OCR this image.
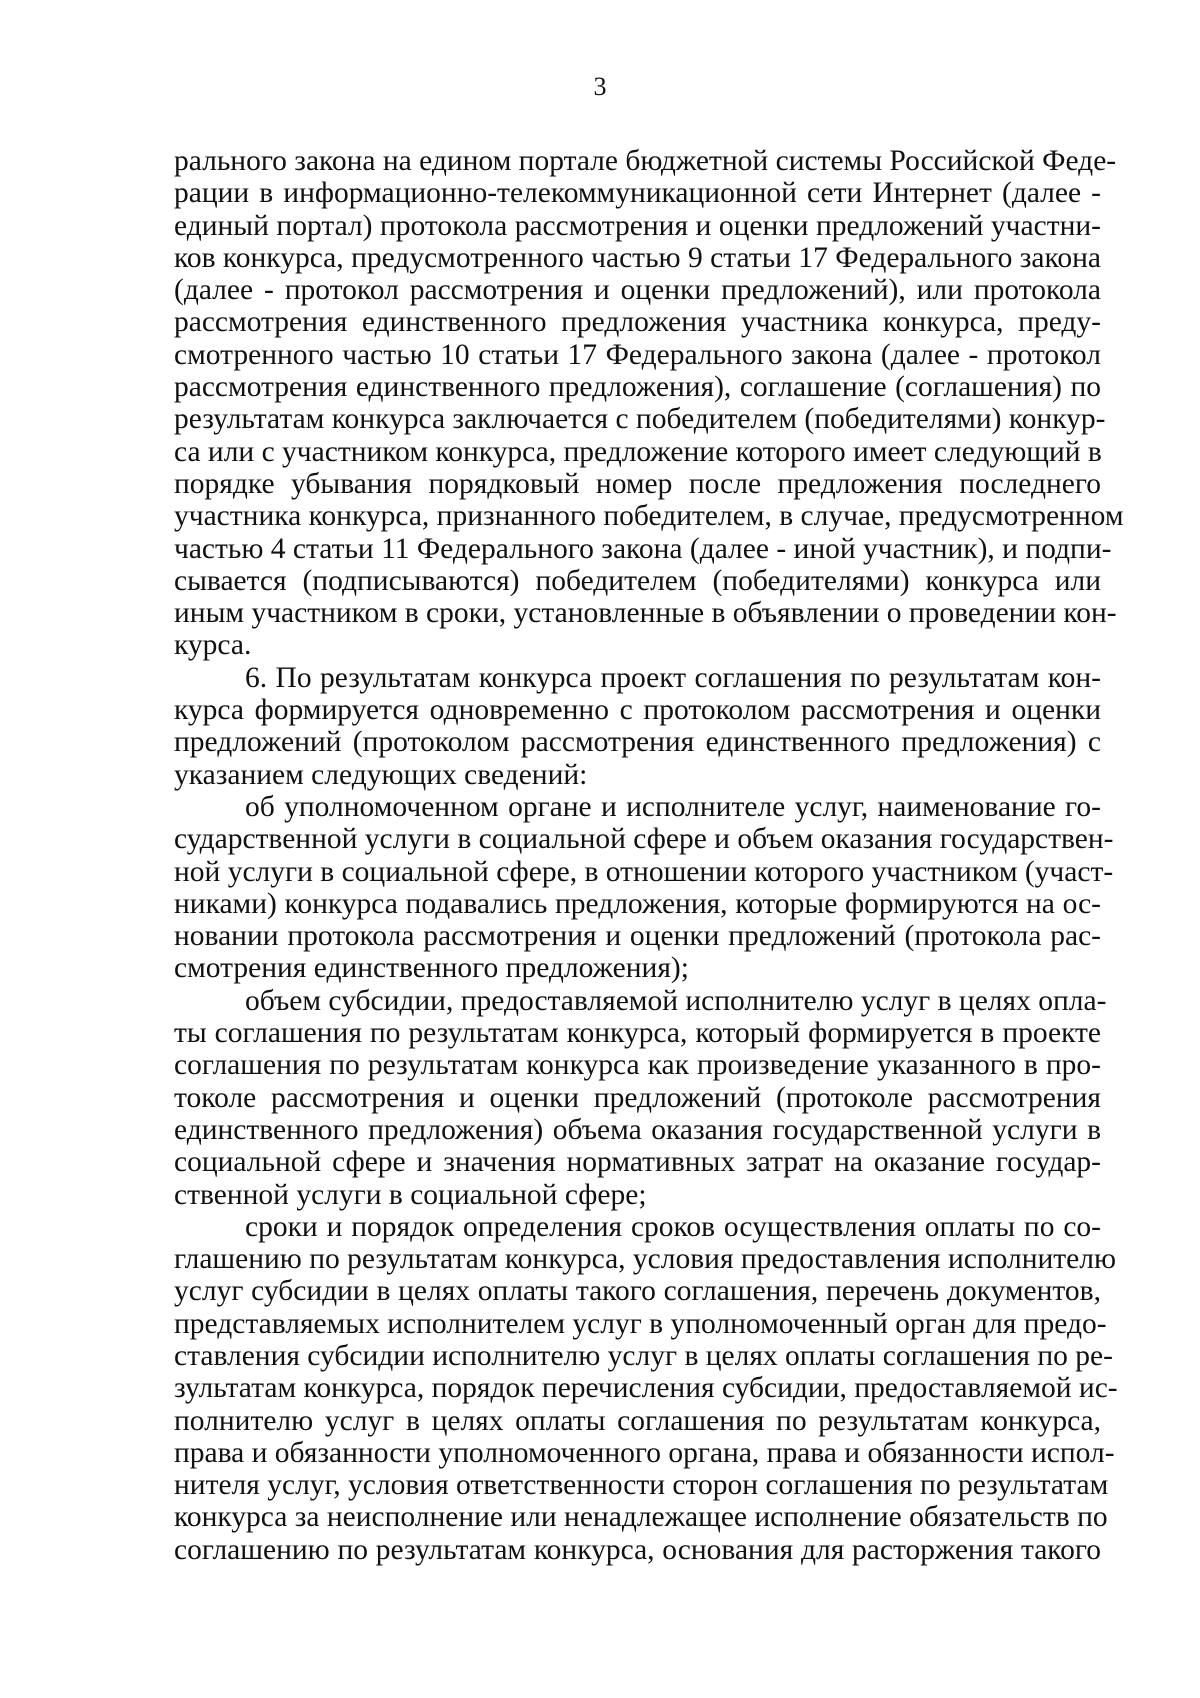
3
рального закона на едином портале бюджетной системы Российской Феде-
рации в информационно-телекоммуникационной сети Интернет (далее -
единый портал) протокола рассмотрения и оценки предложений участни-
ков конкурса, предусмотренного частью 9 статьи 17 Федерального закона
(далее - протокол рассмотрения и оценки предложений), или протокола
рассмотрения единственного предложения участника конкурса, преду-
смотренного частью 10 статьи 17 Федерального закона (далее - протокол
рассмотрения единственного предложения), соглашение (соглашения) по
результатам конкурса заключается с победителем (победителями) конкур-
са или с участником конкурса, предложение которого имеет следующий в
порядке убывания порядковый номер после предложения последнего
участника конкурса, признанного победителем, в случае, предусмотренном
частью 4 статьи 11 Федерального закона (далее - иной участник), и подпи-
сывается (подписываются) победителем (победителями) конкурса или
иным участником в сроки, установленные в объявлении о проведении кон-
курса.
6. По результатам конкурса проект соглашения по результатам кон-
курса формируется одновременно с протоколом рассмотрения и оценки
предложений (протоколом рассмотрения единственного предложения) с
указанием следующих сведений:
об уполномоченном органе и исполнителе услуг, наименование го-
сударственной услуги в социальной сфере и объем оказания государствен-
ной услуги в социальной сфере, в отношении которого участником (участ-
никами) конкурса подавались предложения, которые формируются на ос-
новании протокола рассмотрения и оценки предложений (протокола рас-
смотрения единственного предложения);
объем субсидии, предоставляемой исполнителю услуг в целях опла-
ты соглашения по результатам конкурса, который формируется в проекте
соглашения по результатам конкурса как произведение указанного в про-
токоле рассмотрения и оценки предложений (протоколе рассмотрения
единственного предложения) объема оказания государственной услуги в
социальной сфере и значения нормативных затрат на оказание государ-
ственной услуги в социальной сфере;
сроки и порядок определения сроков осуществления оплаты по со-
глашению по результатам конкурса, условия предоставления исполнителю
услуг субсидии в целях оплаты такого соглашения, перечень документов,
представляемых исполнителем услуг в уполномоченный орган для предо-
ставления субсидии исполнителю услуг в целях оплаты соглашения по ре-
зультатам конкурса, порядок перечисления субсидии, предоставляемой ис-
полнителю услуг в целях оплаты соглашения по результатам конкурса,
права и обязанности уполномоченного органа, права и обязанности испол-
нителя услуг, условия ответственности сторон соглашения по результатам
конкурса за неисполнение или ненадлежащее исполнение обязательств по
соглашению по результатам конкурса, основания для расторжения такого
